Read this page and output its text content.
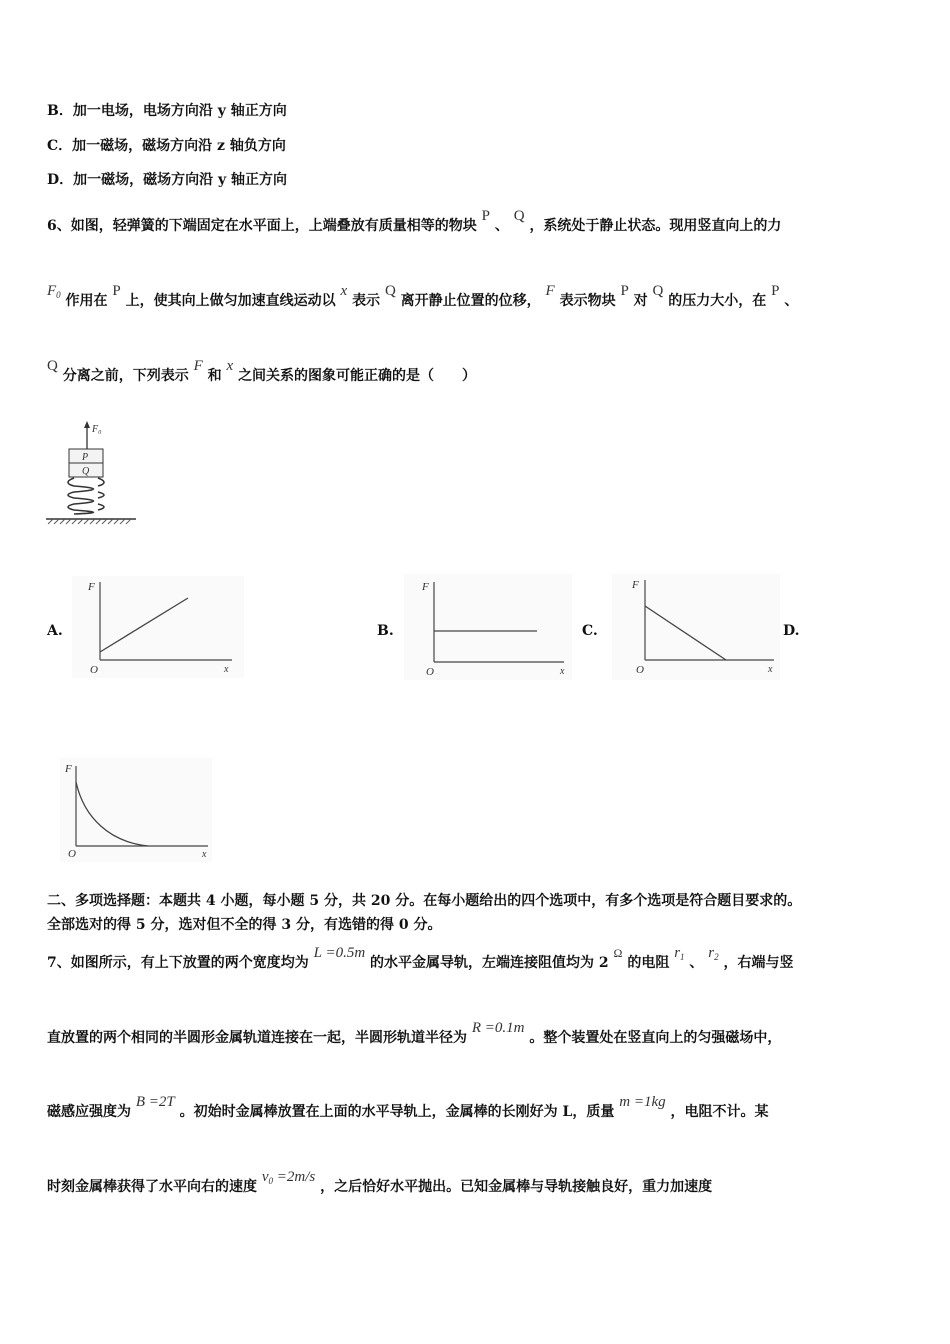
B．加一电场，电场方向沿 y 轴正方向
C．加一磁场，磁场方向沿 z 轴负方向
D．加一磁场，磁场方向沿 y 轴正方向
6、如图，轻弹簧的下端固定在水平面上，上端叠放有质量相等的物块 P 、 Q ，系统处于静止状态。现用竖直向上的力
$F_0$ 作用在 P 上，使其向上做匀加速直线运动以 x 表示 Q 离开静止位置的位移， F 表示物块 P 对 Q 的压力大小，在 P 、
Q 分离之前，下列表示 F 和 x 之间关系的图象可能正确的是（　　）
F₀
P
Q
A.	B.	C.	D.
F
O	x
F
O	x
F
O	x
F
O	x
二、多项选择题：本题共 4 小题，每小题 5 分，共 20 分。在每小题给出的四个选项中，有多个选项是符合题目要求的。
全部选对的得 5 分，选对但不全的得 3 分，有选错的得 0 分。
7、如图所示，有上下放置的两个宽度均为 L =0.5m 的水平金属导轨，左端连接阻值均为 2 Ω 的电阻 $r_1$ 、 $r_2$ ，右端与竖
直放置的两个相同的半圆形金属轨道连接在一起，半圆形轨道半径为 R =0.1m 。整个装置处在竖直向上的匀强磁场中，
磁感应强度为 B =2T 。初始时金属棒放置在上面的水平导轨上，金属棒的长刚好为 L，质量 m =1kg ，电阻不计。某
时刻金属棒获得了水平向右的速度 $v_0 =2m/s$ ，之后恰好水平抛出。已知金属棒与导轨接触良好，重力加速度
